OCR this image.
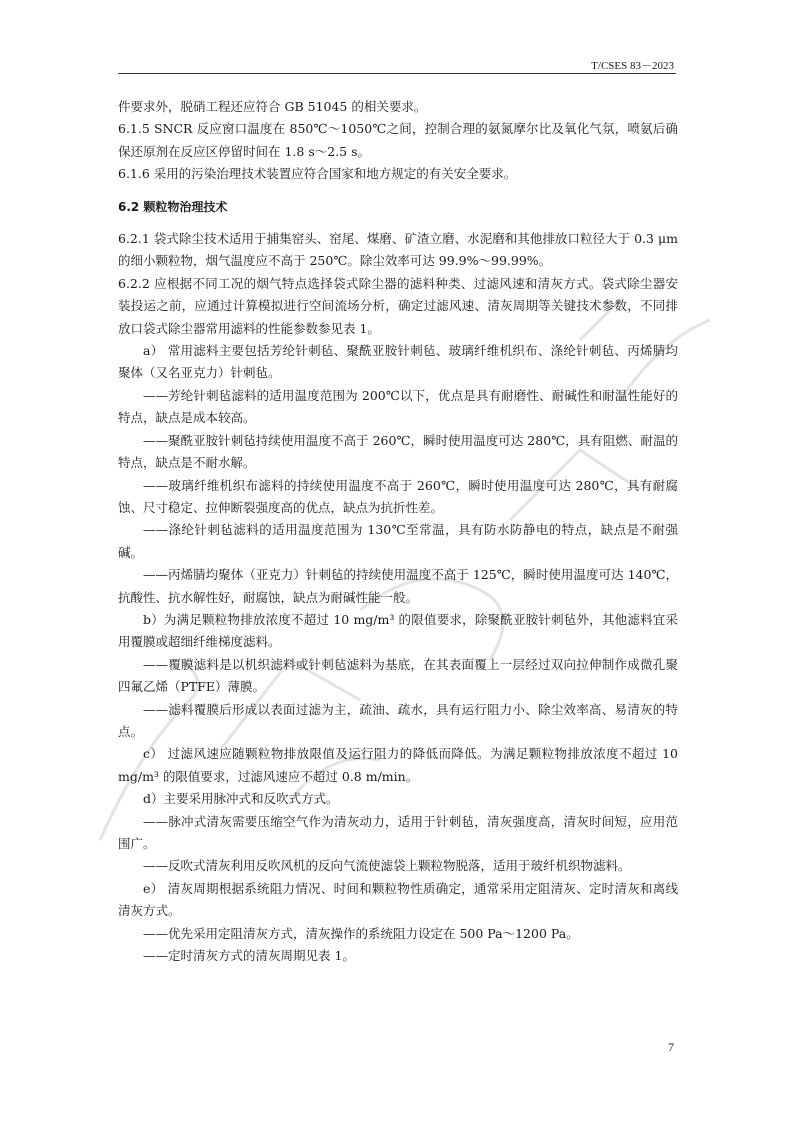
T/CSES 83－2023

件要求外，脱硝工程还应符合 GB 51045 的相关要求。

6.1.5 SNCR 反应窗口温度在 850℃～1050℃之间，控制合理的氨氮摩尔比及氧化气氛，喷氨后确保还原剂在反应区停留时间在 1.8 s～2.5 s。

6.1.6 采用的污染治理技术装置应符合国家和地方规定的有关安全要求。

6.2 颗粒物治理技术

6.2.1 袋式除尘技术适用于捕集窑头、窑尾、煤磨、矿渣立磨、水泥磨和其他排放口粒径大于 0.3 μm 的细小颗粒物，烟气温度应不高于 250℃。除尘效率可达 99.9%～99.99%。

6.2.2 应根据不同工况的烟气特点选择袋式除尘器的滤料种类、过滤风速和清灰方式。袋式除尘器安装投运之前，应通过计算模拟进行空间流场分析，确定过滤风速、清灰周期等关键技术参数，不同排放口袋式除尘器常用滤料的性能参数参见表 1。

a） 常用滤料主要包括芳纶针刺毡、聚酰亚胺针刺毡、玻璃纤维机织布、涤纶针刺毡、丙烯腈均聚体（又名亚克力）针刺毡。

——芳纶针刺毡滤料的适用温度范围为 200℃以下，优点是具有耐磨性、耐碱性和耐温性能好的特点，缺点是成本较高。

——聚酰亚胺针刺毡持续使用温度不高于 260℃，瞬时使用温度可达 280℃，具有阻燃、耐温的特点，缺点是不耐水解。

——玻璃纤维机织布滤料的持续使用温度不高于 260℃，瞬时使用温度可达 280℃，具有耐腐蚀、尺寸稳定、拉伸断裂强度高的优点，缺点为抗折性差。

——涤纶针刺毡滤料的适用温度范围为 130℃至常温，具有防水防静电的特点，缺点是不耐强碱。

——丙烯腈均聚体（亚克力）针刺毡的持续使用温度不高于 125℃，瞬时使用温度可达 140℃，抗酸性、抗水解性好，耐腐蚀，缺点为耐碱性能一般。

b）为满足颗粒物排放浓度不超过 10 mg/m³ 的限值要求，除聚酰亚胺针刺毡外，其他滤料宜采用覆膜或超细纤维梯度滤料。

——覆膜滤料是以机织滤料或针刺毡滤料为基底，在其表面覆上一层经过双向拉伸制作成微孔聚四氟乙烯（PTFE）薄膜。

——滤料覆膜后形成以表面过滤为主，疏油、疏水，具有运行阻力小、除尘效率高、易清灰的特点。

c） 过滤风速应随颗粒物排放限值及运行阻力的降低而降低。为满足颗粒物排放浓度不超过 10 mg/m³ 的限值要求，过滤风速应不超过 0.8 m/min。

d）主要采用脉冲式和反吹式方式。

——脉冲式清灰需要压缩空气作为清灰动力，适用于针刺毡，清灰强度高，清灰时间短，应用范围广。

——反吹式清灰利用反吹风机的反向气流使滤袋上颗粒物脱落，适用于玻纤机织物滤料。

e） 清灰周期根据系统阻力情况、时间和颗粒物性质确定，通常采用定阻清灰、定时清灰和离线清灰方式。

——优先采用定阻清灰方式，清灰操作的系统阻力设定在 500 Pa～1200 Pa。

——定时清灰方式的清灰周期见表 1。

7
